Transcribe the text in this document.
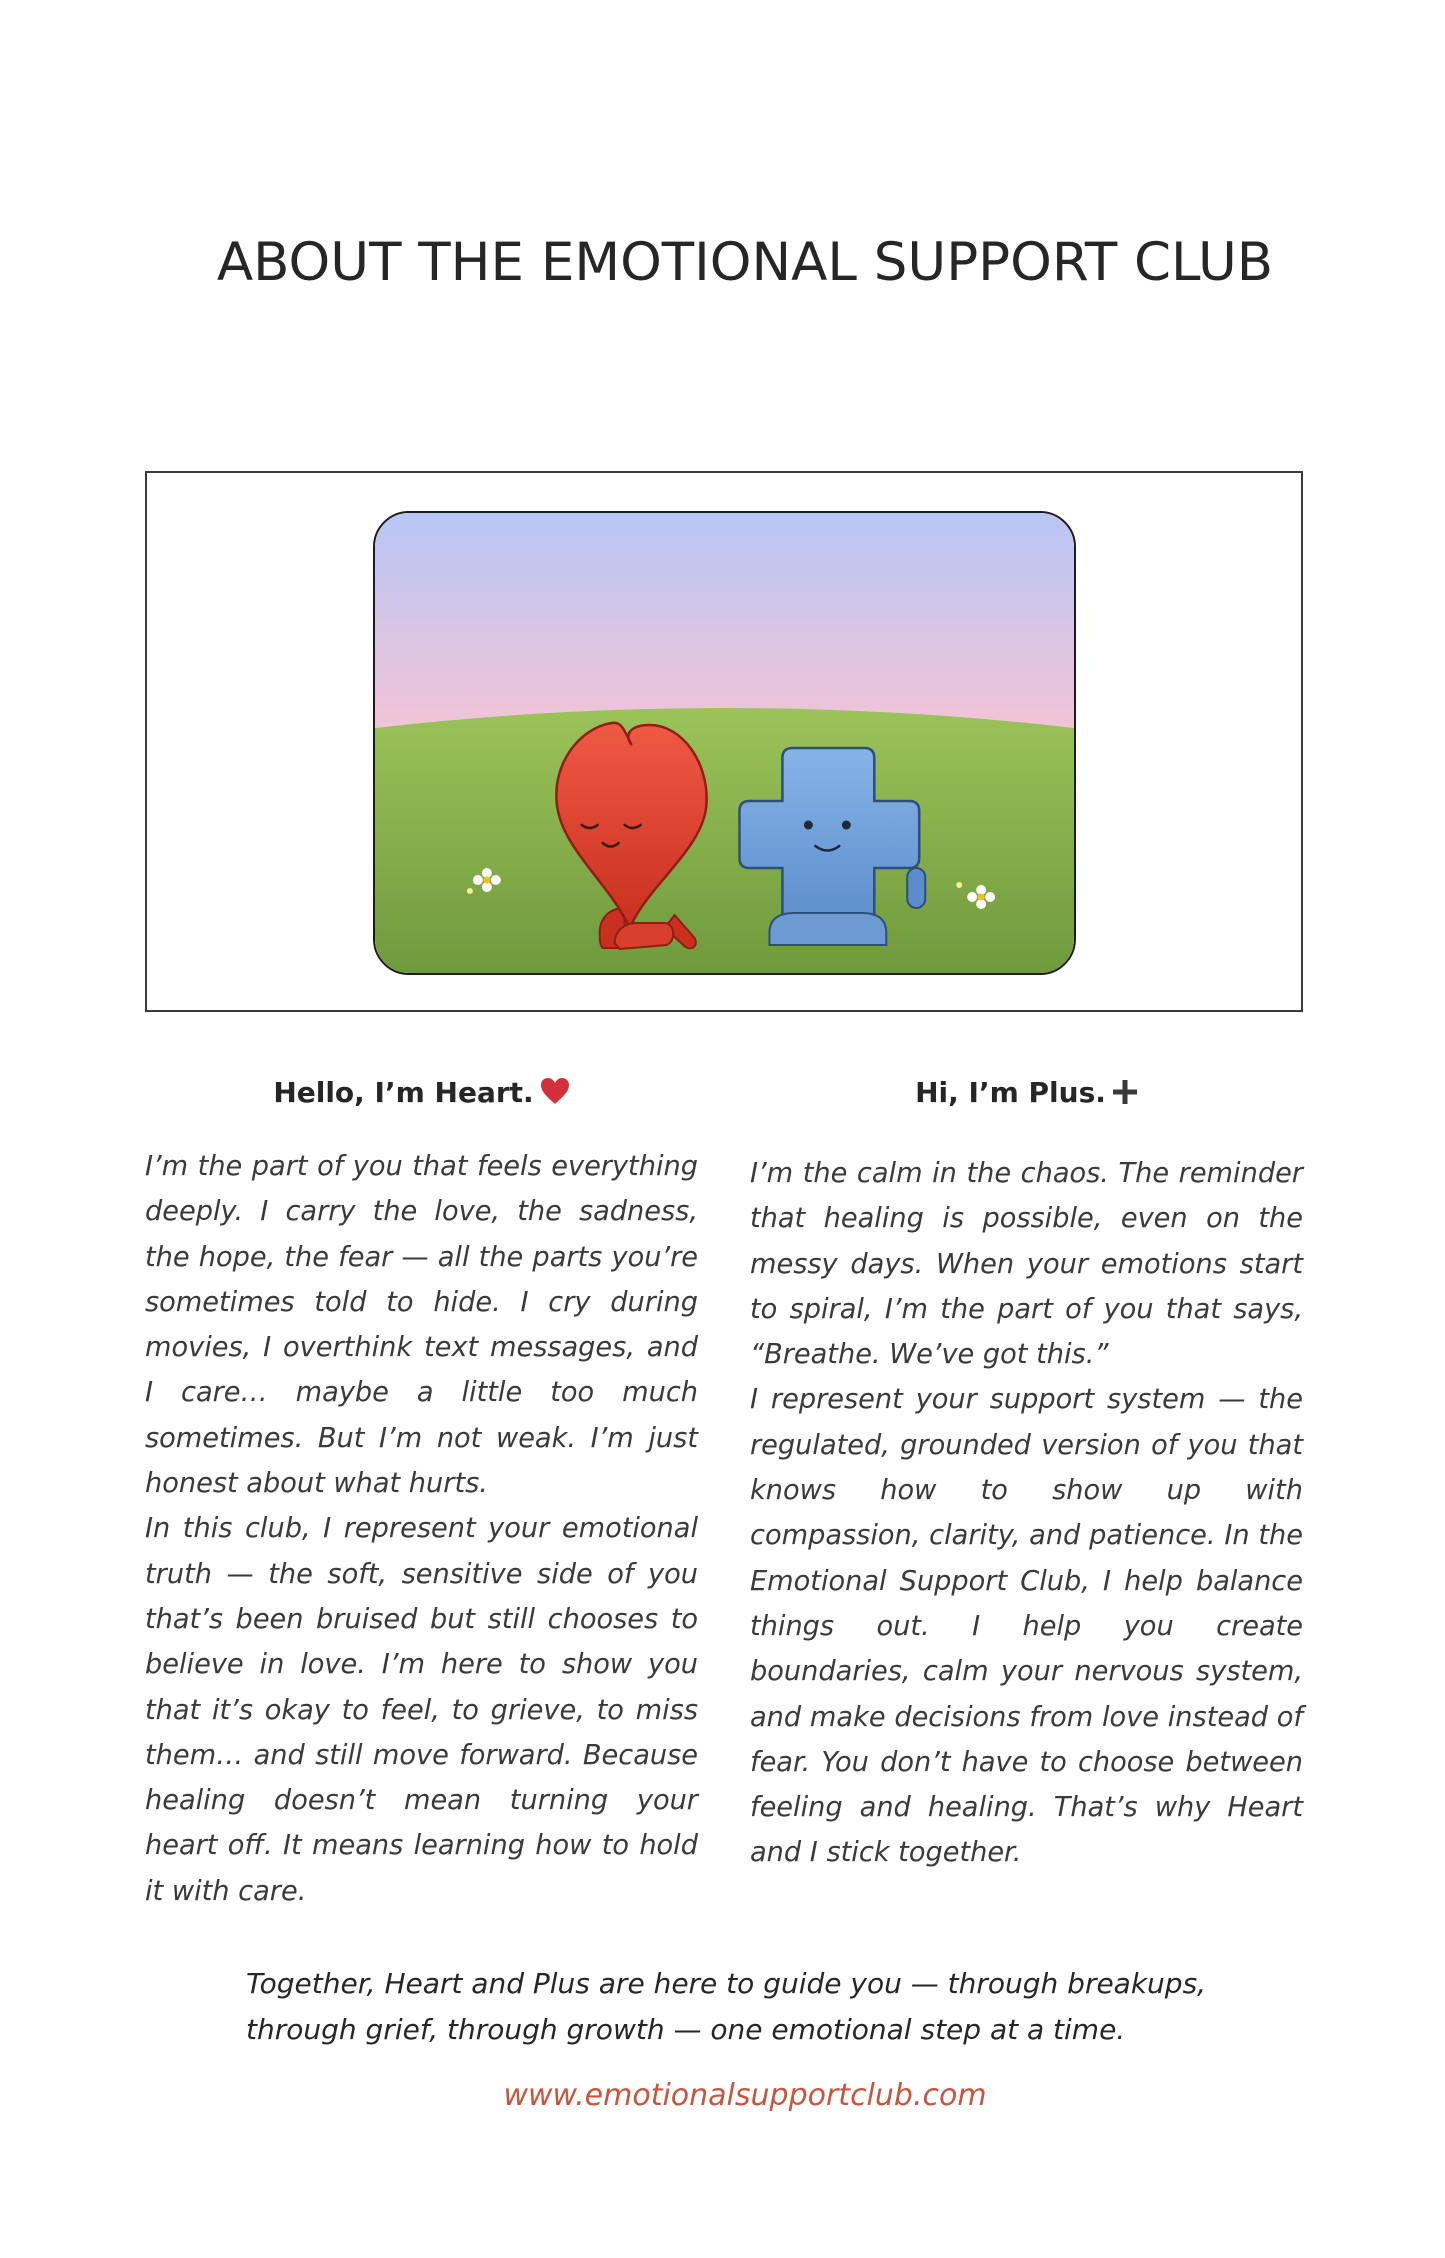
ABOUT THE EMOTIONAL SUPPORT CLUB
Hello, I’m Heart.	Hi, I’m Plus.

I’m the part of you that feels everything deeply. I carry the love, the sadness, the hope, the fear — all the parts you’re sometimes told to hide. I cry during movies, I overthink text messages, and I care… maybe a little too much sometimes. But I’m not weak. I’m just honest about what hurts.

In this club, I represent your emotional truth — the soft, sensitive side of you that’s been bruised but still chooses to believe in love. I’m here to show you that it’s okay to feel, to grieve, to miss them… and still move forward. Because healing doesn’t mean turning your heart off. It means learning how to hold it with care.

I’m the calm in the chaos. The reminder that healing is possible, even on the messy days. When your emotions start to spiral, I’m the part of you that says, “Breathe. We’ve got this.”

I represent your support system — the regulated, grounded version of you that knows how to show up with compassion, clarity, and patience. In the Emotional Support Club, I help balance things out. I help you create boundaries, calm your nervous system, and make decisions from love instead of fear. You don’t have to choose between feeling and healing. That’s why Heart and I stick together.

Together, Heart and Plus are here to guide you — through breakups,

through grief, through growth — one emotional step at a time.

www.emotionalsupportclub.com
